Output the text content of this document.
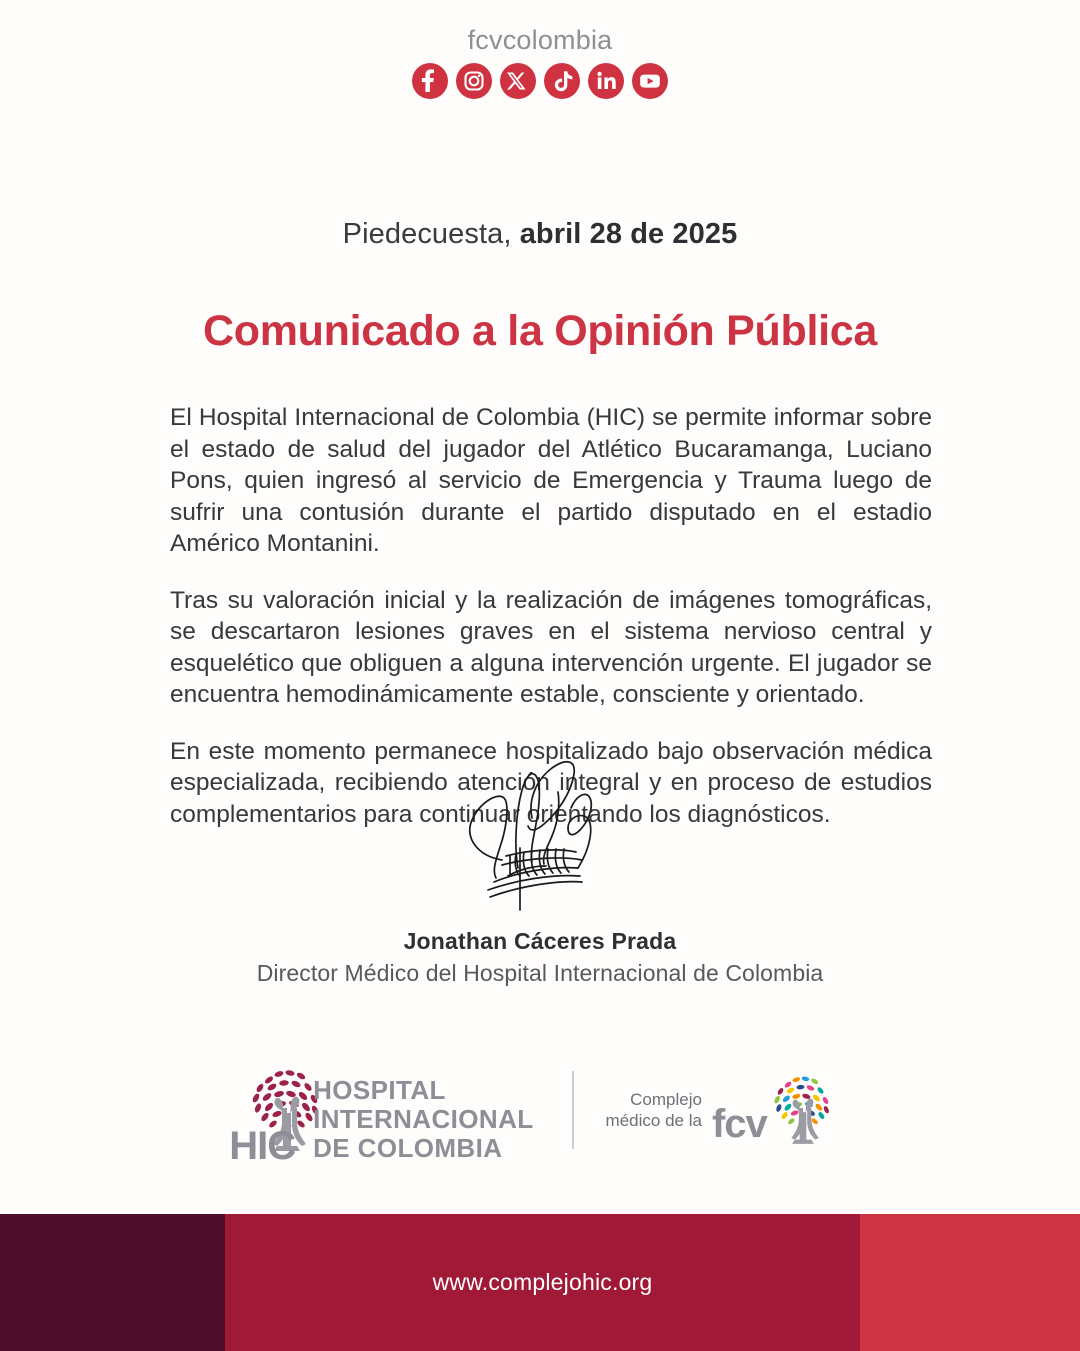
fcvcolombia
Piedecuesta, abril 28 de 2025
Comunicado a la Opinión Pública

El Hospital Internacional de Colombia (HIC) se permite informar sobre el estado de salud del jugador del Atlético Bucaramanga, Luciano Pons, quien ingresó al servicio de Emergencia y Trauma luego de sufrir una contusión durante el partido disputado en el estadio Américo Montanini.

Tras su valoración inicial y la realización de imágenes tomográficas, se descartaron lesiones graves en el sistema nervioso central y esquelético que obliguen a alguna intervención urgente. El jugador se encuentra hemodinámicamente estable, consciente y orientado.

En este momento permanece hospitalizado bajo observación médica especializada, recibiendo atención integral y en proceso de estudios complementarios para continuar orientando los diagnósticos.

Jonathan Cáceres Prada
Director Médico del Hospital Internacional de Colombia
HIC
HOSPITAL
INTERNACIONAL
DE COLOMBIA
Complejo
médico de la fcv
www.complejohic.org
